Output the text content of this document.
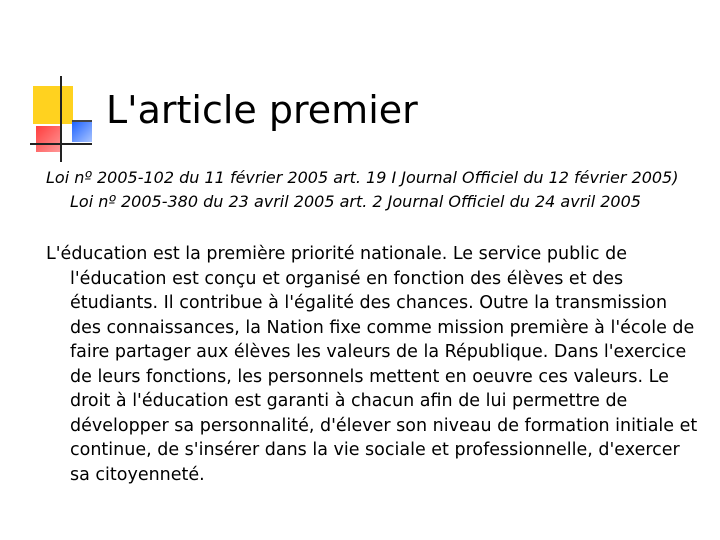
L'article premier
Loi nº 2005-102 du 11 février 2005 art. 19 I Journal Officiel du 12 février 2005) Loi nº 2005-380 du 23 avril 2005 art. 2 Journal Officiel du 24 avril 2005
L'éducation est la première priorité nationale. Le service public de l'éducation est conçu et organisé en fonction des élèves et des étudiants. Il contribue à l'égalité des chances. Outre la transmission des connaissances, la Nation fixe comme mission première à l'école de faire partager aux élèves les valeurs de la République. Dans l'exercice de leurs fonctions, les personnels mettent en oeuvre ces valeurs. Le droit à l'éducation est garanti à chacun afin de lui permettre de développer sa personnalité, d'élever son niveau de formation initiale et continue, de s'insérer dans la vie sociale et professionnelle, d'exercer sa citoyenneté.
